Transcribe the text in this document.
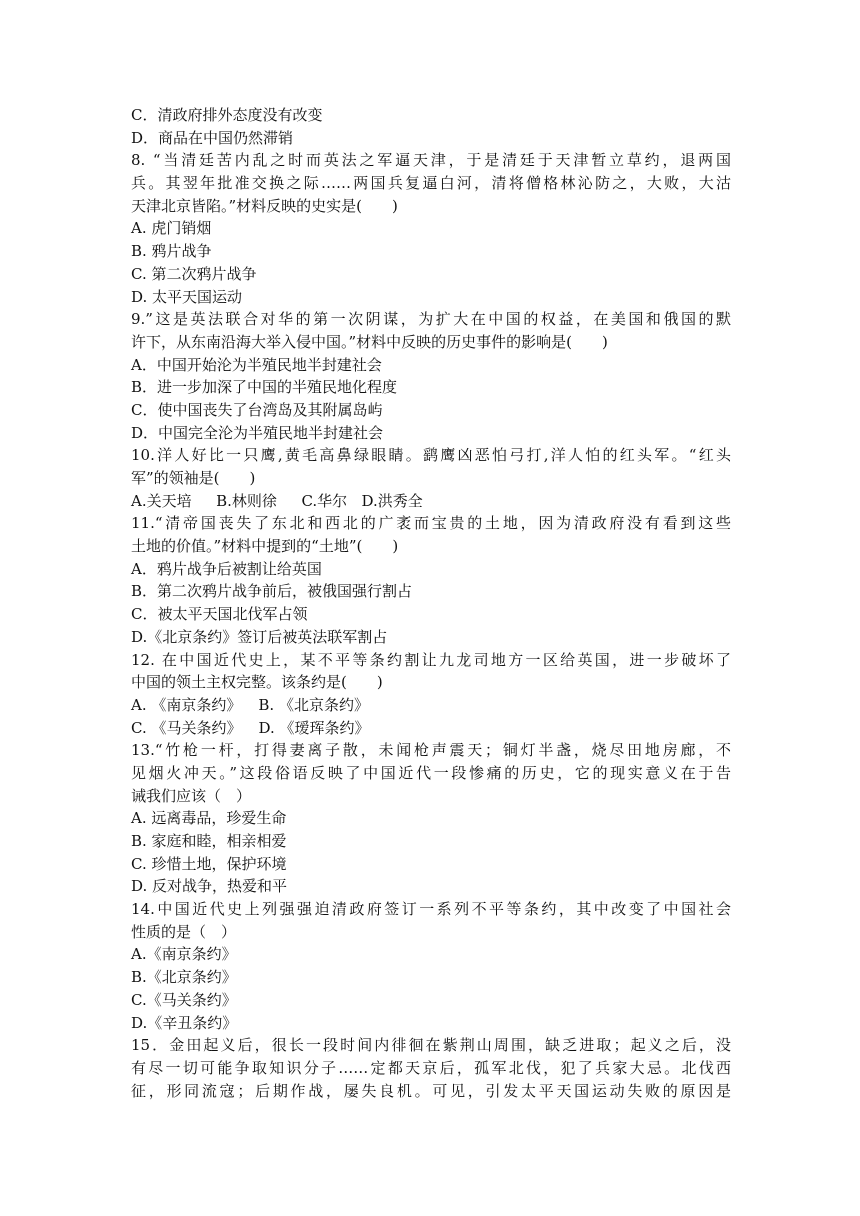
C．清政府排外态度没有改变
D．商品在中国仍然滞销
8. “当清廷苦内乱之时而英法之军逼天津，于是清廷于天津暂立草约，退两国
兵。其翌年批准交换之际……两国兵复逼白河，清将僧格林沁防之，大败，大沽
天津北京皆陷。”材料反映的史实是(　　)
A. 虎门销烟
B. 鸦片战争
C. 第二次鸦片战争
D. 太平天国运动
9.”这是英法联合对华的第一次阴谋，为扩大在中国的权益，在美国和俄国的默
许下，从东南沿海大举入侵中国。”材料中反映的历史事件的影响是(　　)
A．中国开始沦为半殖民地半封建社会
B．进一步加深了中国的半殖民地化程度
C．使中国丧失了台湾岛及其附属岛屿
D．中国完全沦为半殖民地半封建社会
10.洋人好比一只鹰,黄毛高鼻绿眼睛。鹞鹰凶恶怕弓打,洋人怕的红头军。“红头
军”的领袖是(　　)
A.关天培　  B.林则徐　  C.华尔   D.洪秀全
11.“清帝国丧失了东北和西北的广袤而宝贵的土地，因为清政府没有看到这些
土地的价值。”材料中提到的“土地”(　　)
A．鸦片战争后被割让给英国
B．第二次鸦片战争前后，被俄国强行割占
C．被太平天国北伐军占领
D.《北京条约》签订后被英法联军割占
12. 在中国近代史上，某不平等条约割让九龙司地方一区给英国，进一步破坏了
中国的领土主权完整。该条约是(　　)
A. 《南京条约》　  B. 《北京条约》
C. 《马关条约》　  D. 《瑷珲条约》
13.“竹枪一杆，打得妻离子散，未闻枪声震天；铜灯半盏，烧尽田地房廊，不
见烟火冲天。”这段俗语反映了中国近代一段惨痛的历史，它的现实意义在于告
诫我们应该（　）
A. 远离毒品，珍爱生命
B. 家庭和睦，相亲相爱
C. 珍惜土地，保护环境
D. 反对战争，热爱和平
14.中国近代史上列强强迫清政府签订一系列不平等条约，其中改变了中国社会
性质的是（　）
A.《南京条约》
B.《北京条约》
C.《马关条约》
D.《辛丑条约》
15．金田起义后，很长一段时间内徘徊在紫荆山周围，缺乏进取；起义之后，没
有尽一切可能争取知识分子……定都天京后，孤军北伐，犯了兵家大忌。北伐西
征，形同流寇；后期作战，屡失良机。可见，引发太平天国运动失败的原因是
